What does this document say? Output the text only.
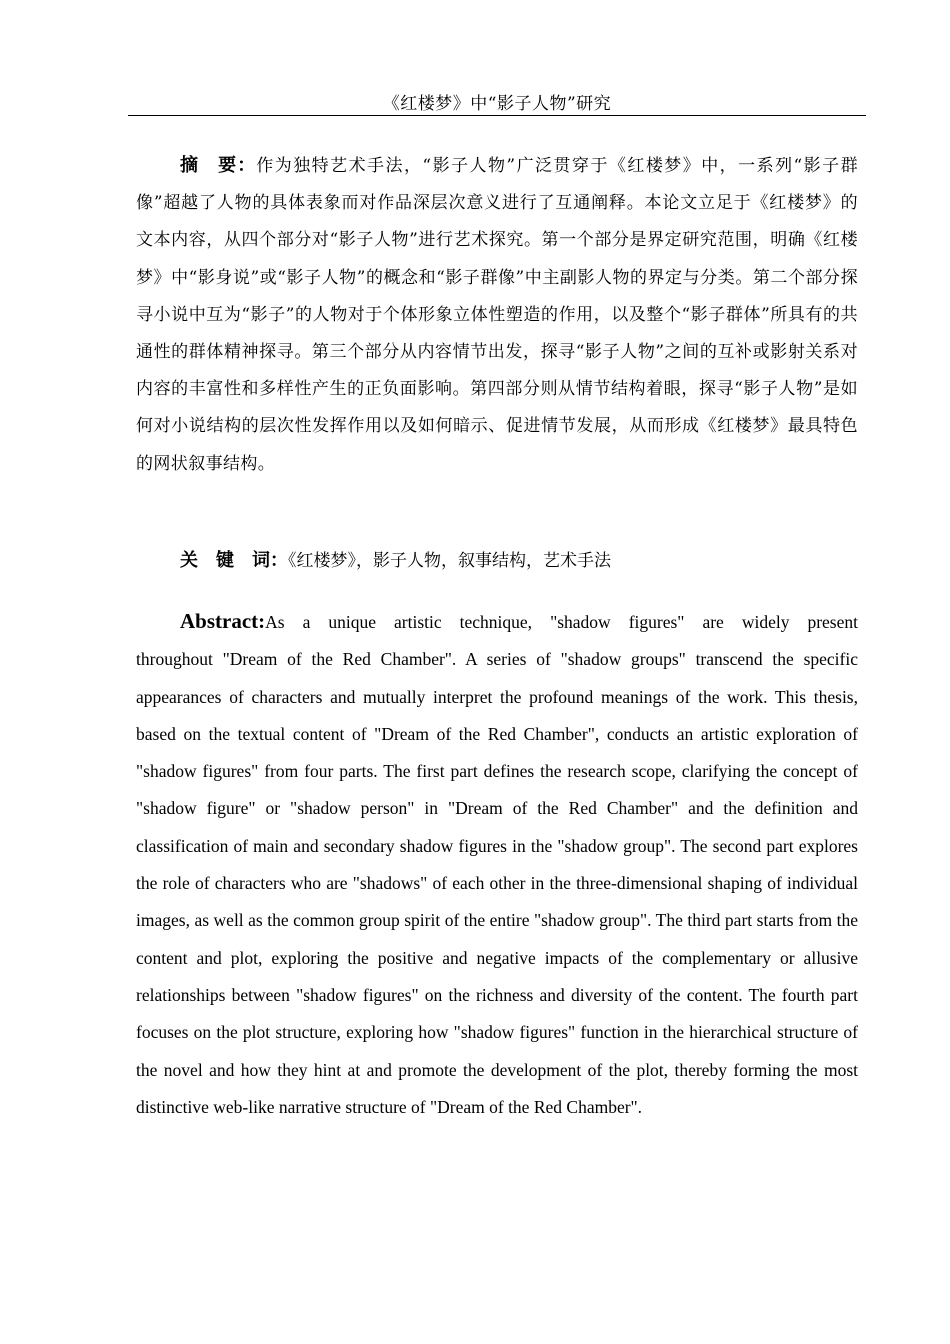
《红楼梦》中“影子人物”研究

摘　要：作为独特艺术手法，“影子人物”广泛贯穿于《红楼梦》中，一系列“影子群像”超越了人物的具体表象而对作品深层次意义进行了互通阐释。本论文立足于《红楼梦》的文本内容，从四个部分对“影子人物”进行艺术探究。第一个部分是界定研究范围，明确《红楼梦》中“影身说”或“影子人物”的概念和“影子群像”中主副影人物的界定与分类。第二个部分探寻小说中互为“影子”的人物对于个体形象立体性塑造的作用，以及整个“影子群体”所具有的共通性的群体精神探寻。第三个部分从内容情节出发，探寻“影子人物”之间的互补或影射关系对内容的丰富性和多样性产生的正负面影响。第四部分则从情节结构着眼，探寻“影子人物”是如何对小说结构的层次性发挥作用以及如何暗示、促进情节发展，从而形成《红楼梦》最具特色的网状叙事结构。

关　键　词：《红楼梦》，影子人物，叙事结构，艺术手法

Abstract:As a unique artistic technique, "shadow figures" are widely present
throughout "Dream of the Red Chamber". A series of "shadow groups" transcend the specific appearances of characters and mutually interpret the profound meanings of the work. This thesis, based on the textual content of "Dream of the Red Chamber", conducts an artistic exploration of "shadow figures" from four parts. The first part defines the research scope, clarifying the concept of "shadow figure" or "shadow person" in "Dream of the Red Chamber" and the definition and classification of main and secondary shadow figures in the "shadow group". The second part explores the role of characters who are "shadows" of each other in the three-dimensional shaping of individual images, as well as the common group spirit of the entire "shadow group". The third part starts from the content and plot, exploring the positive and negative impacts of the complementary or allusive relationships between "shadow figures" on the richness and diversity of the content. The fourth part focuses on the plot structure, exploring how "shadow figures" function in the hierarchical structure of the novel and how they hint at and promote the development of the plot, thereby forming the most distinctive web-like narrative structure of "Dream of the Red Chamber".
